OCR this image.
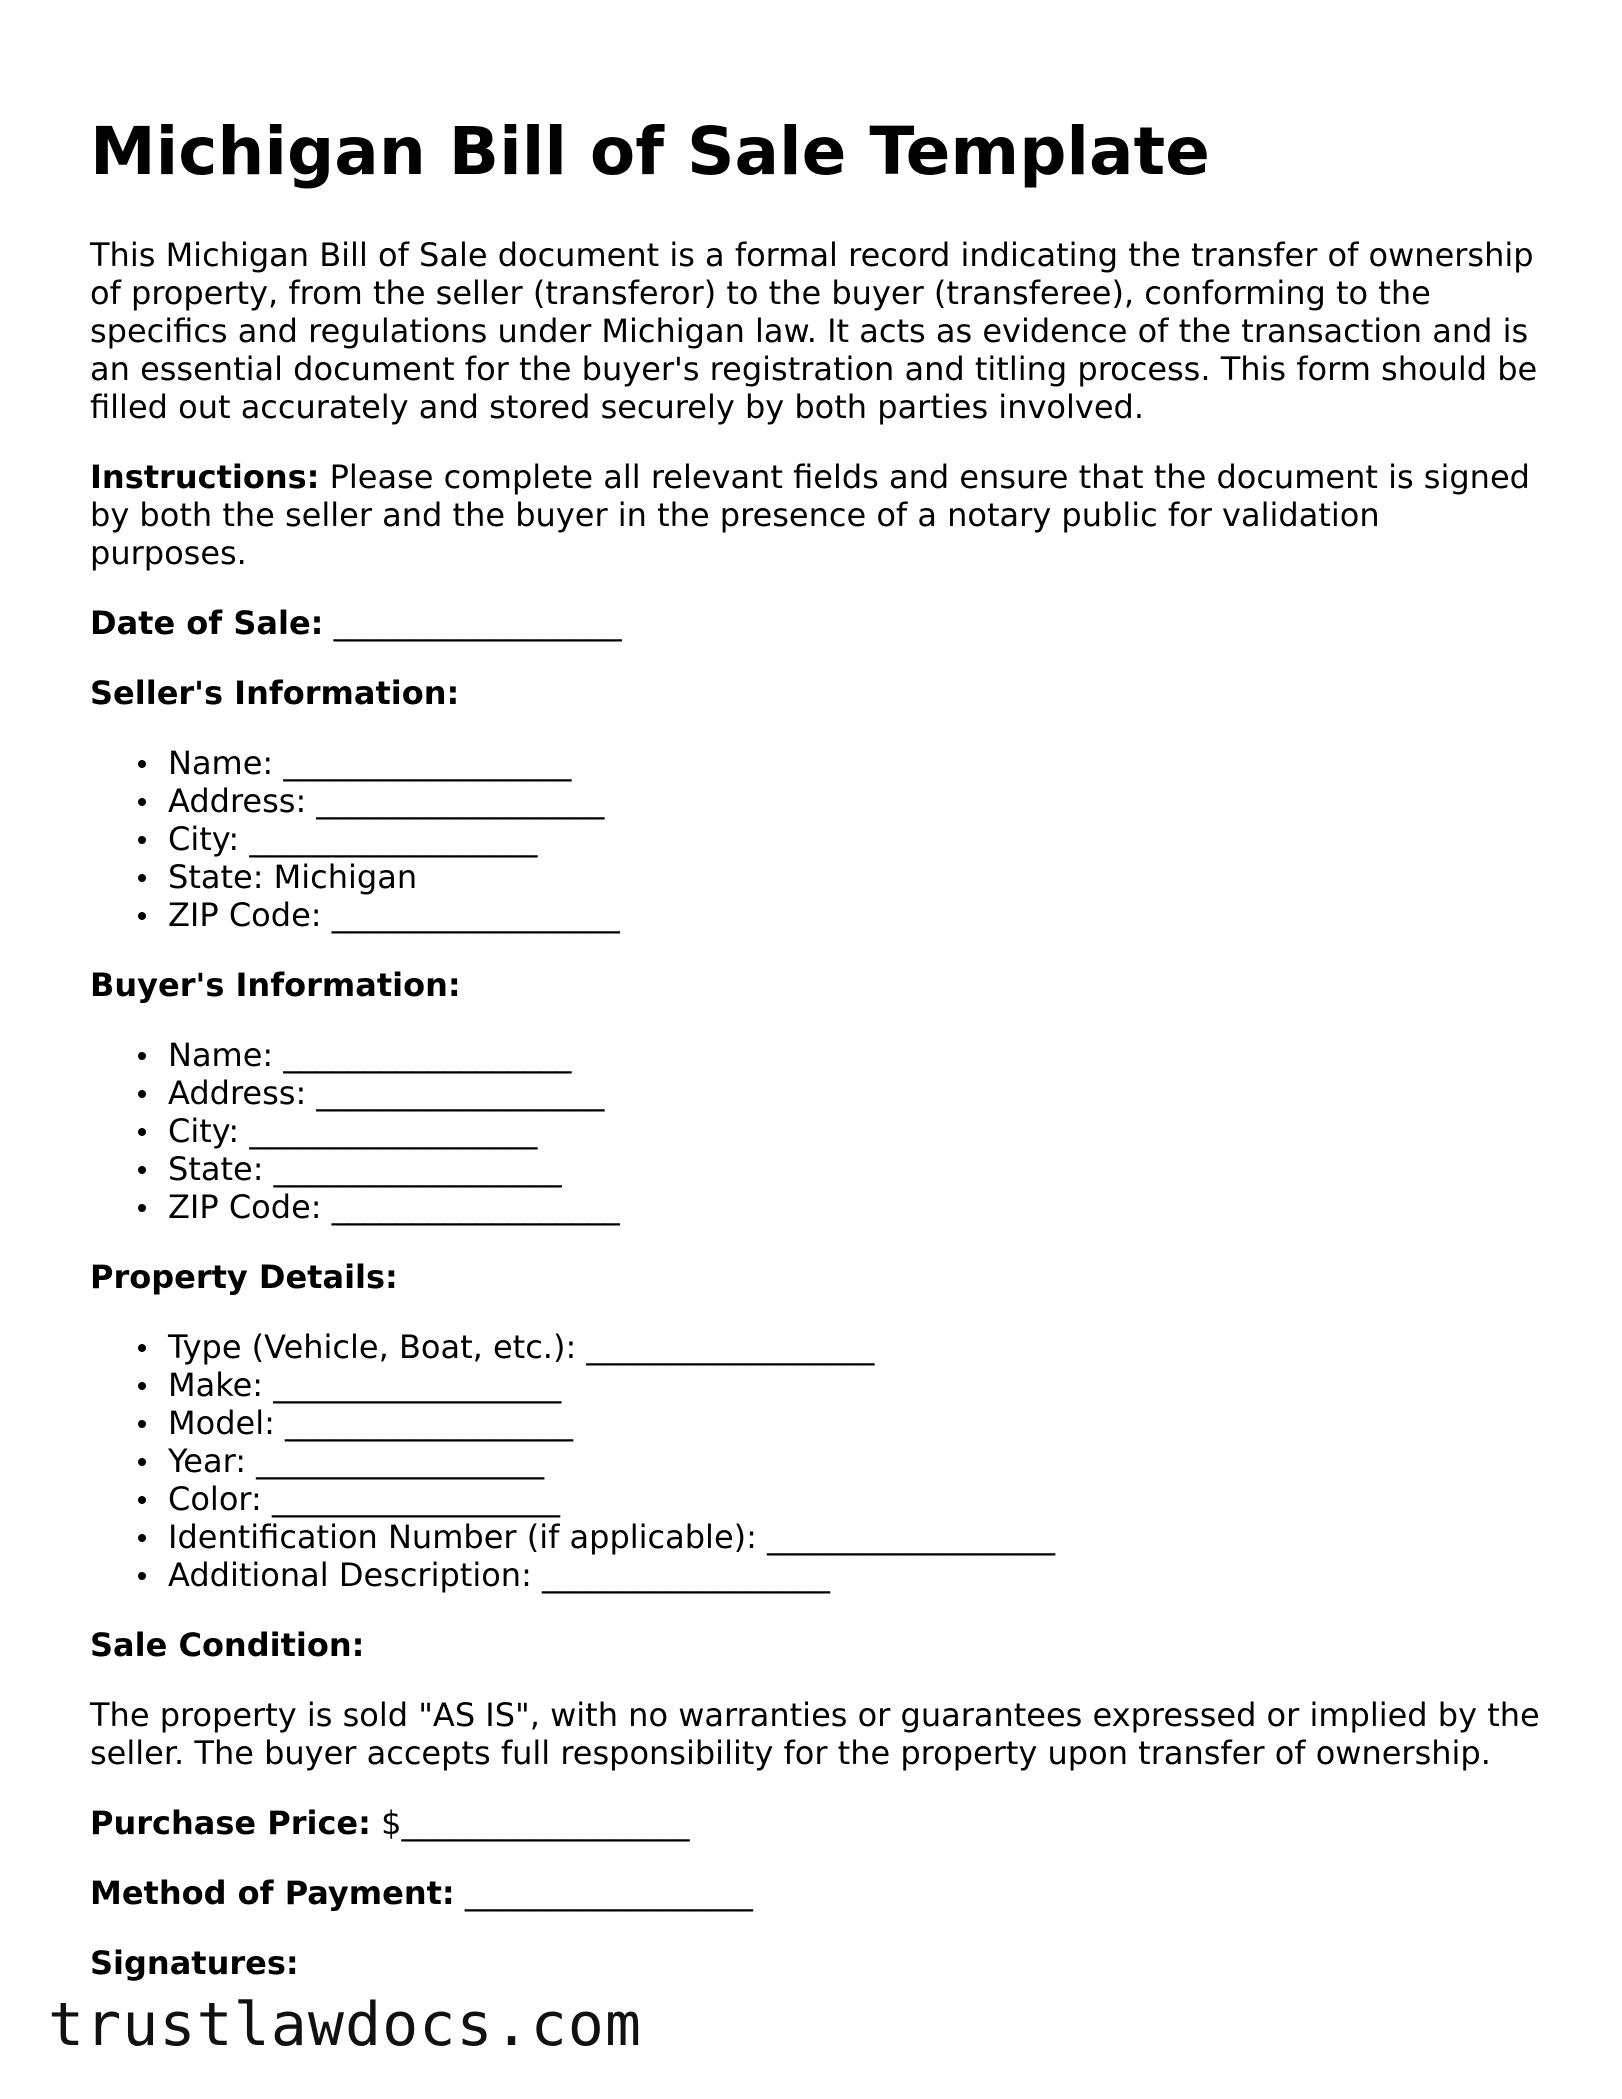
Michigan Bill of Sale Template

This Michigan Bill of Sale document is a formal record indicating the transfer of ownership of property, from the seller (transferor) to the buyer (transferee), conforming to the specifics and regulations under Michigan law. It acts as evidence of the transaction and is an essential document for the buyer's registration and titling process. This form should be filled out accurately and stored securely by both parties involved.

Instructions: Please complete all relevant fields and ensure that the document is signed by both the seller and the buyer in the presence of a notary public for validation purposes.

Date of Sale: __________________

Seller's Information:

Name: __________________
Address: __________________
City: __________________
State: Michigan
ZIP Code: __________________

Buyer's Information:

Name: __________________
Address: __________________
City: __________________
State: __________________
ZIP Code: __________________

Property Details:

Type (Vehicle, Boat, etc.): __________________
Make: __________________
Model: __________________
Year: __________________
Color: __________________
Identification Number (if applicable): __________________
Additional Description: __________________

Sale Condition:

The property is sold "AS IS", with no warranties or guarantees expressed or implied by the seller. The buyer accepts full responsibility for the property upon transfer of ownership.

Purchase Price: $__________________

Method of Payment: __________________

Signatures:

trustlawdocs.com
